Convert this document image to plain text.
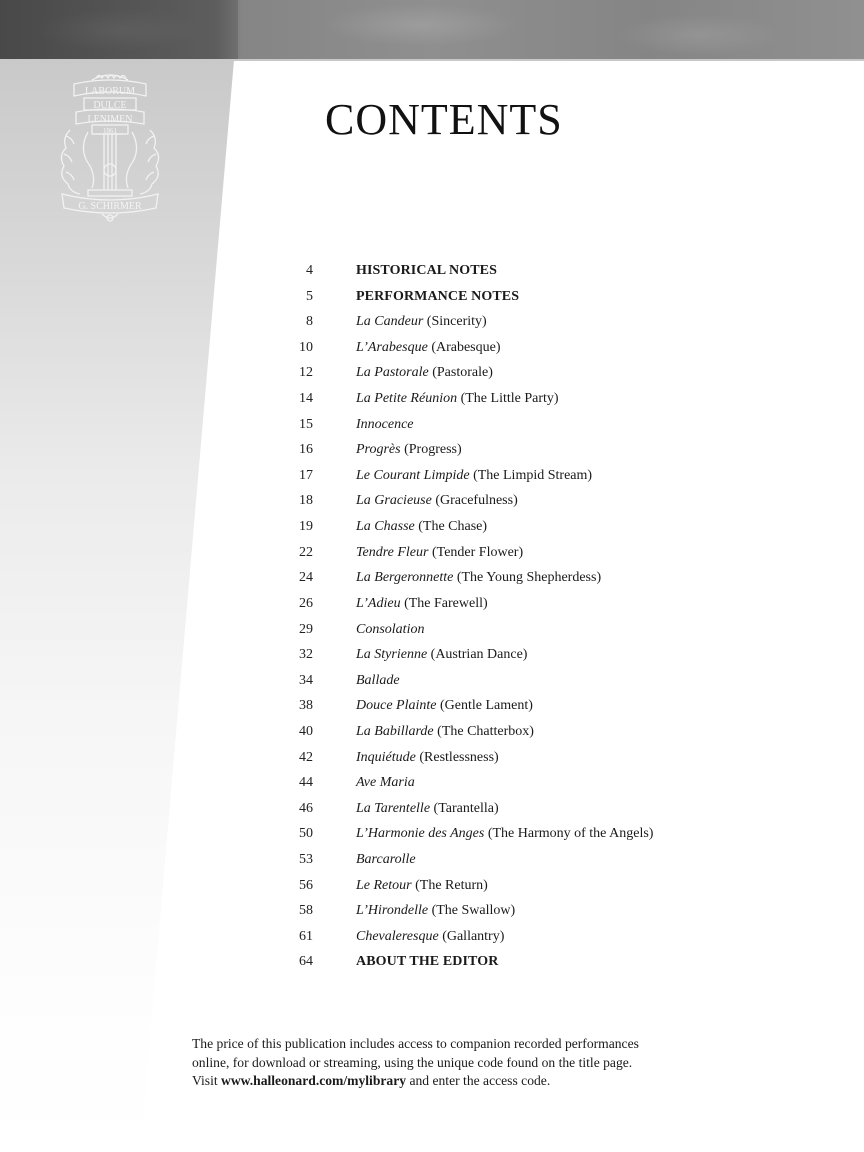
LABORUM
DULCE
LENIMEN
1861
G. SCHIRMER
CONTENTS
4	HISTORICAL NOTES
5	PERFORMANCE NOTES
8	La Candeur (Sincerity)
10	L’Arabesque (Arabesque)
12	La Pastorale (Pastorale)
14	La Petite Réunion (The Little Party)
15	Innocence
16	Progrès (Progress)
17	Le Courant Limpide (The Limpid Stream)
18	La Gracieuse (Gracefulness)
19	La Chasse (The Chase)
22	Tendre Fleur (Tender Flower)
24	La Bergeronnette (The Young Shepherdess)
26	L’Adieu (The Farewell)
29	Consolation
32	La Styrienne (Austrian Dance)
34	Ballade
38	Douce Plainte (Gentle Lament)
40	La Babillarde (The Chatterbox)
42	Inquiétude (Restlessness)
44	Ave Maria
46	La Tarentelle (Tarantella)
50	L’Harmonie des Anges (The Harmony of the Angels)
53	Barcarolle
56	Le Retour (The Return)
58	L’Hirondelle (The Swallow)
61	Chevaleresque (Gallantry)
64	ABOUT THE EDITOR

The price of this publication includes access to companion recorded performances
online, for download or streaming, using the unique code found on the title page.
Visit www.halleonard.com/mylibrary and enter the access code.
